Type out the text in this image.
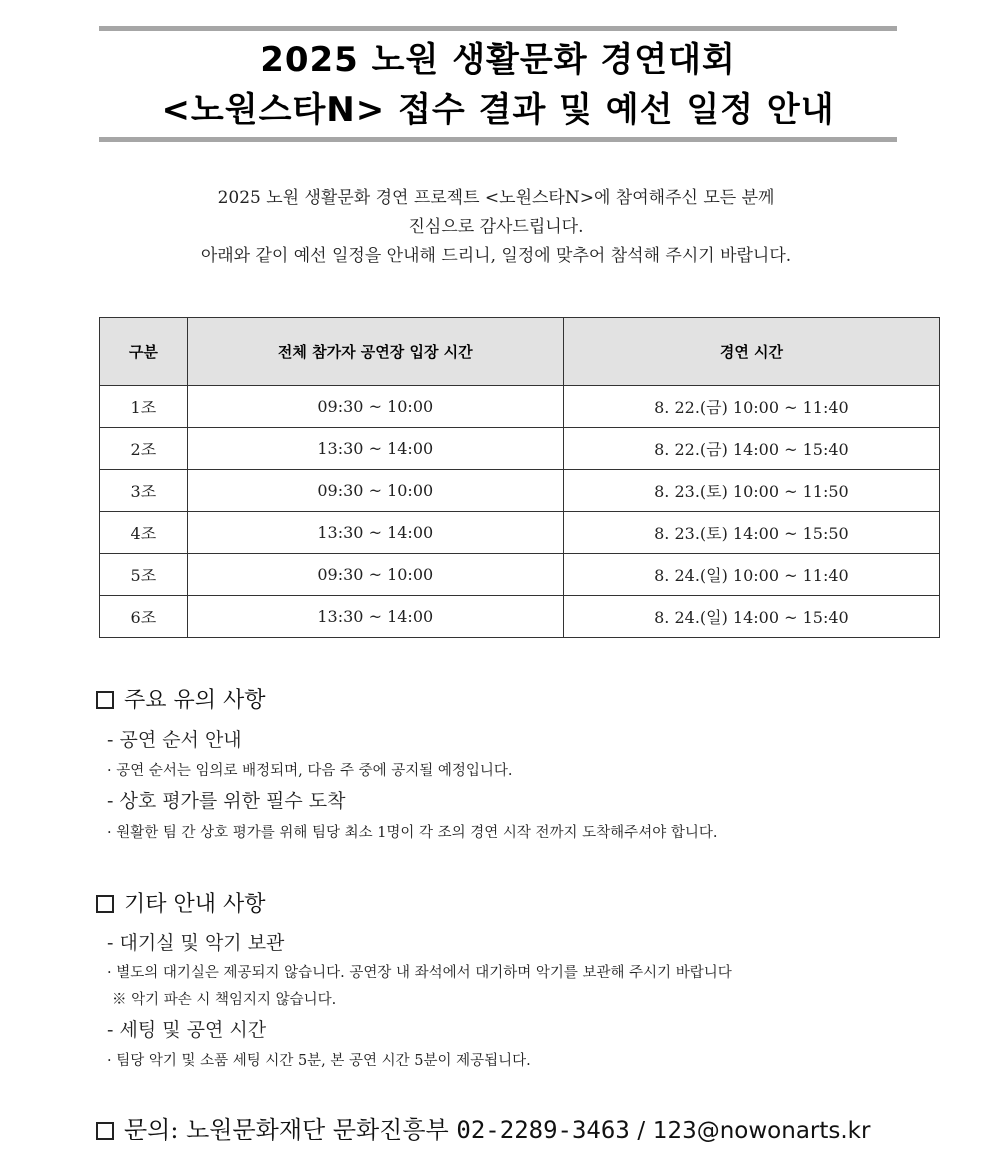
2025 노원 생활문화 경연대회
<노원스타N> 접수 결과 및 예선 일정 안내
2025 노원 생활문화 경연 프로젝트 <노원스타N>에 참여해주신 모든 분께
진심으로 감사드립니다.
아래와 같이 예선 일정을 안내해 드리니, 일정에 맞추어 참석해 주시기 바랍니다.
구분	전체 참가자 공연장 입장 시간	경연 시간
1조	09:30 ~ 10:00	8. 22.(금) 10:00 ~ 11:40
2조	13:30 ~ 14:00	8. 22.(금) 14:00 ~ 15:40
3조	09:30 ~ 10:00	8. 23.(토) 10:00 ~ 11:50
4조	13:30 ~ 14:00	8. 23.(토) 14:00 ~ 15:50
5조	09:30 ~ 10:00	8. 24.(일) 10:00 ~ 11:40
6조	13:30 ~ 14:00	8. 24.(일) 14:00 ~ 15:40
주요 유의 사항
- 공연 순서 안내
· 공연 순서는 임의로 배정되며, 다음 주 중에 공지될 예정입니다.
- 상호 평가를 위한 필수 도착
· 원활한 팀 간 상호 평가를 위해 팀당 최소 1명이 각 조의 경연 시작 전까지 도착해주셔야 합니다.
기타 안내 사항
- 대기실 및 악기 보관
· 별도의 대기실은 제공되지 않습니다. 공연장 내 좌석에서 대기하며 악기를 보관해 주시기 바랍니다
※ 악기 파손 시 책임지지 않습니다.
- 세팅 및 공연 시간
· 팀당 악기 및 소품 세팅 시간 5분, 본 공연 시간 5분이 제공됩니다.
문의: 노원문화재단 문화진흥부 02-2289-3463 / 123@nowonarts.kr
